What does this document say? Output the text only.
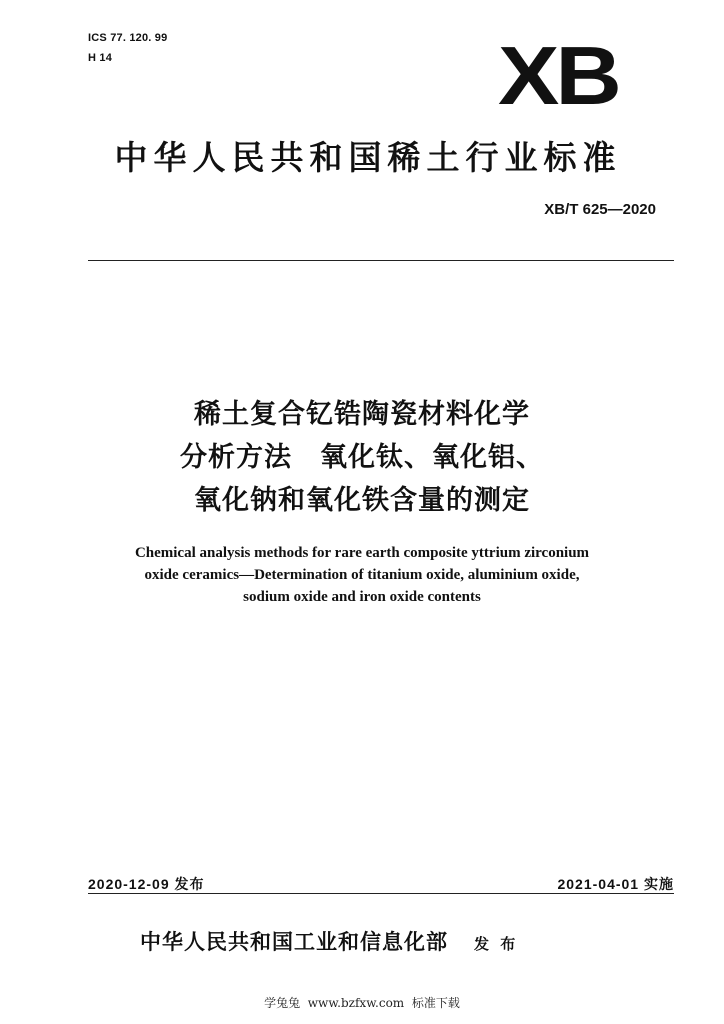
ICS 77. 120. 99
H 14	XB
中华人民共和国稀土行业标准
XB/T 625—2020
稀土复合钇锆陶瓷材料化学
分析方法　氧化钛、氧化铝、
氧化钠和氧化铁含量的测定
Chemical analysis methods for rare earth composite yttrium zirconium
oxide ceramics—Determination of titanium oxide, aluminium oxide,
sodium oxide and iron oxide contents
2020-12-09 发布	2021-04-01 实施
中华人民共和国工业和信息化部 发 布
学兔兔  www.bzfxw.com  标准下载
